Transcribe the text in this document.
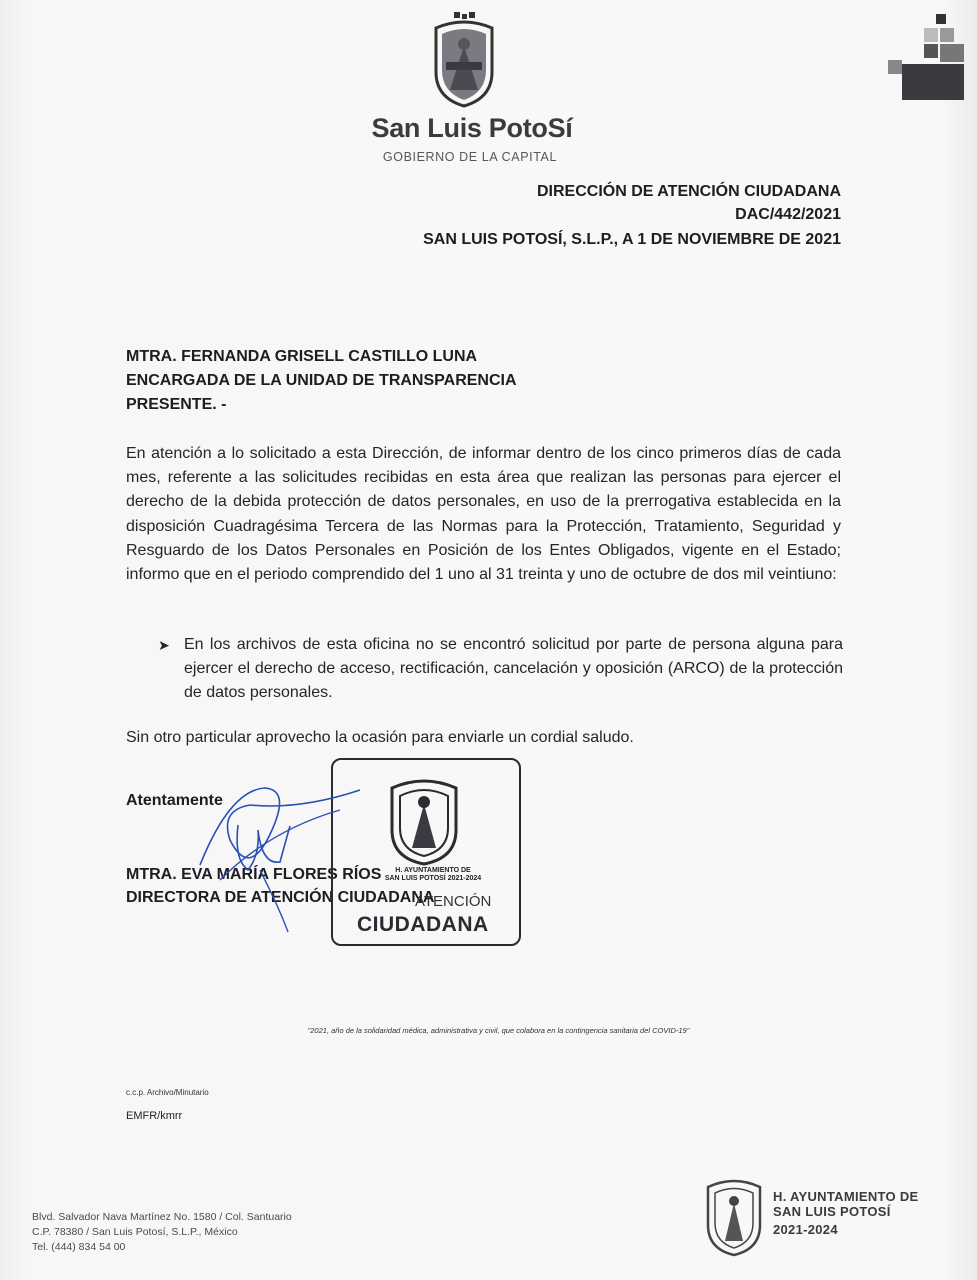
San Luis PotoSí
GOBIERNO DE LA CAPITAL
DIRECCIÓN DE ATENCIÓN CIUDADANA
DAC/442/2021
SAN LUIS POTOSÍ, S.L.P., A 1 DE NOVIEMBRE DE 2021
MTRA. FERNANDA GRISELL CASTILLO LUNA
ENCARGADA DE LA UNIDAD DE TRANSPARENCIA
PRESENTE. -
En atención a lo solicitado a esta Dirección, de informar dentro de los cinco primeros días de cada mes, referente a las solicitudes recibidas en esta área que realizan las personas para ejercer el derecho de la debida protección de datos personales, en uso de la prerrogativa establecida en la disposición Cuadragésima Tercera de las Normas para la Protección, Tratamiento, Seguridad y Resguardo de los Datos Personales en Posición de los Entes Obligados, vigente en el Estado; informo que en el periodo comprendido del 1 uno al 31 treinta y uno de octubre de dos mil veintiuno:
➤ En los archivos de esta oficina no se encontró solicitud por parte de persona alguna para ejercer el derecho de acceso, rectificación, cancelación y oposición (ARCO) de la protección de datos personales.
Sin otro particular aprovecho la ocasión para enviarle un cordial saludo.
Atentamente
MTRA. EVA MARÍA FLORES RÍOS
DIRECTORA DE ATENCIÓN CIUDADANA
H. AYUNTAMIENTO DE
SAN LUIS POTOSÍ 2021-2024
ATENCIÓN
CIUDADANA
"2021, año de la solidaridad médica, administrativa y civil, que colabora en la contingencia sanitaria del COVID-19"
c.c.p. Archivo/Minutario
EMFR/kmrr
Blvd. Salvador Nava Martínez No. 1580 / Col. Santuario
C.P. 78380 / San Luis Potosí, S.L.P., México
Tel. (444) 834 54 00
H. AYUNTAMIENTO DE
SAN LUIS POTOSÍ
2021-2024
